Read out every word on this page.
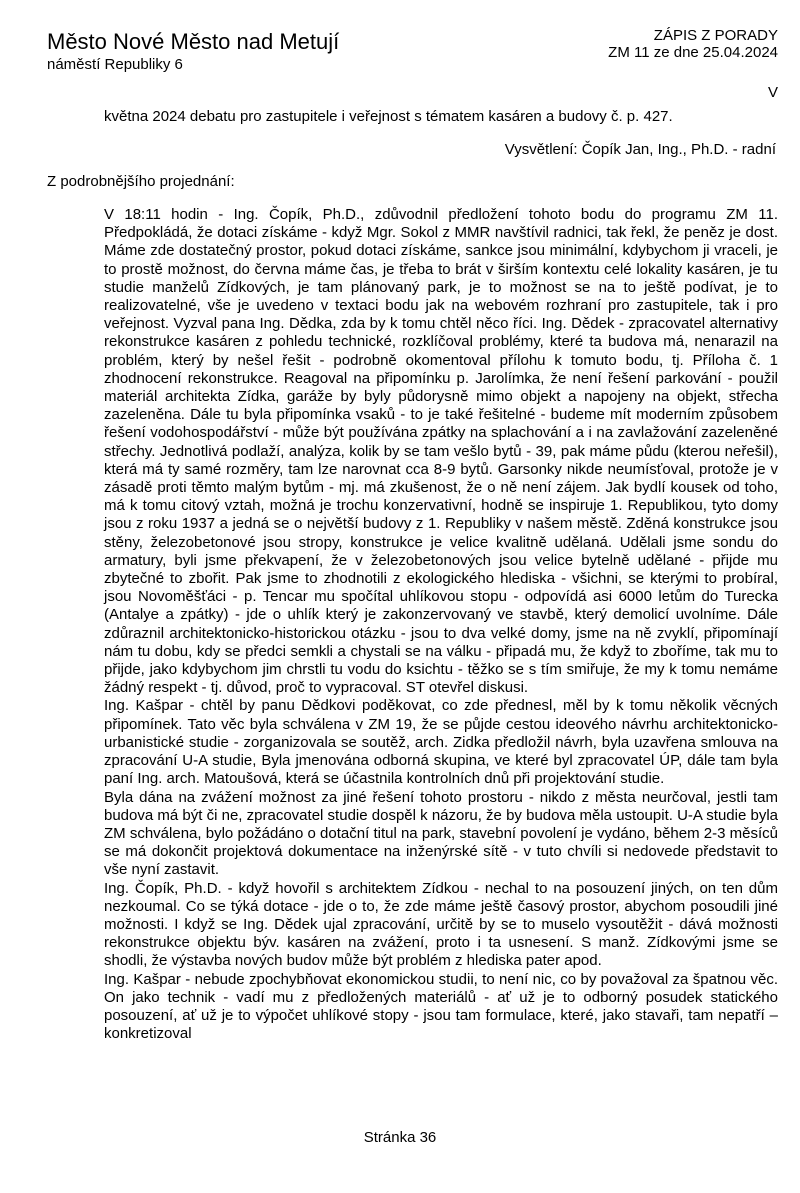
Město Nové Město nad Metují
náměstí Republiky 6
ZÁPIS Z PORADY
ZM 11 ze dne 25.04.2024
V
května 2024 debatu pro zastupitele i veřejnost s tématem kasáren a budovy č. p. 427.
Vysvětlení: Čopík Jan, Ing., Ph.D. - radní
Z podrobnějšího projednání:

V 18:11 hodin - Ing. Čopík, Ph.D., zdůvodnil předložení tohoto bodu do programu ZM 11. Předpokládá, že dotaci získáme - když Mgr. Sokol z MMR navštívil radnici, tak řekl, že peněz je dost. Máme zde dostatečný prostor, pokud dotaci získáme, sankce jsou minimální, kdybychom ji vraceli, je to prostě možnost, do června máme čas, je třeba to brát v širším kontextu celé lokality kasáren, je tu studie manželů Zídkových, je tam plánovaný park, je to možnost se na to ještě podívat, je to realizovatelné, vše je uvedeno v textaci bodu jak na webovém rozhraní pro zastupitele, tak i pro veřejnost. Vyzval pana Ing. Dědka, zda by k tomu chtěl něco říci. Ing. Dědek - zpracovatel alternativy rekonstrukce kasáren z pohledu technické, rozklíčoval problémy, které ta budova má, nenarazil na problém, který by nešel řešit - podrobně okomentoval přílohu k tomuto bodu, tj. Příloha č. 1 zhodnocení rekonstrukce. Reagoval na připomínku p. Jarolímka, že není řešení parkování - použil materiál architekta Zídka, garáže by byly půdorysně mimo objekt a napojeny na objekt, střecha zazeleněna. Dále tu byla připomínka vsaků - to je také řešitelné - budeme mít moderním způsobem řešení vodohospodářství - může být používána zpátky na splachování a i na zavlažování zazeleněné střechy. Jednotlivá podlaží, analýza, kolik by se tam vešlo bytů - 39, pak máme půdu (kterou neřešil), která má ty samé rozměry, tam lze narovnat cca 8-9 bytů. Garsonky nikde neumísťoval, protože je v zásadě proti těmto malým bytům - mj. má zkušenost, že o ně není zájem. Jak bydlí kousek od toho, má k tomu citový vztah, možná je trochu konzervativní, hodně se inspiruje 1. Republikou, tyto domy jsou z roku 1937 a jedná se o největší budovy z 1. Republiky v našem městě. Zděná konstrukce jsou stěny, železobetonové jsou stropy, konstrukce je velice kvalitně udělaná. Udělali jsme sondu do armatury, byli jsme překvapení, že v železobetonových jsou velice bytelně udělané - přijde mu zbytečné to zbořit. Pak jsme to zhodnotili z ekologického hlediska - všichni, se kterými to probíral, jsou Novoměšťáci - p. Tencar mu spočítal uhlíkovou stopu - odpovídá asi 6000 letům do Turecka (Antalye a zpátky) - jde o uhlík který je zakonzervovaný ve stavbě, který demolicí uvolníme. Dále zdůraznil architektonicko-historickou otázku - jsou to dva velké domy, jsme na ně zvyklí, připomínají nám tu dobu, kdy se předci semkli a chystali se na válku - připadá mu, že když to zboříme, tak mu to přijde, jako kdybychom jim chrstli tu vodu do ksichtu - těžko se s tím smiřuje, že my k tomu nemáme žádný respekt - tj. důvod, proč to vypracoval. ST otevřel diskusi.

Ing. Kašpar - chtěl by panu Dědkovi poděkovat, co zde přednesl, měl by k tomu několik věcných připomínek. Tato věc byla schválena v ZM 19, že se půjde cestou ideového návrhu architektonicko-urbanistické studie - zorganizovala se soutěž, arch. Zidka předložil návrh, byla uzavřena smlouva na zpracování U-A studie, Byla jmenována odborná skupina, ve které byl zpracovatel ÚP, dále tam byla paní Ing. arch. Matoušová, která se účastnila kontrolních dnů při projektování studie.

Byla dána na zvážení možnost za jiné řešení tohoto prostoru - nikdo z města neurčoval, jestli tam budova má být či ne, zpracovatel studie dospěl k názoru, že by budova měla ustoupit. U-A studie byla ZM schválena, bylo požádáno o dotační titul na park, stavební povolení je vydáno, během 2-3 měsíců se má dokončit projektová dokumentace na inženýrské sítě - v tuto chvíli si nedovede představit to vše nyní zastavit.

Ing. Čopík, Ph.D. - když hovořil s architektem Zídkou - nechal to na posouzení jiných, on ten dům nezkoumal. Co se týká dotace - jde o to, že zde máme ještě časový prostor, abychom posoudili jiné možnosti. I když se Ing. Dědek ujal zpracování, určitě by se to muselo vysoutěžit - dává možnosti rekonstrukce objektu býv. kasáren na zvážení, proto i ta usnesení. S manž. Zídkovými jsme se shodli, že výstavba nových budov může být problém z hlediska pater apod.

Ing. Kašpar - nebude zpochybňovat ekonomickou studii, to není nic, co by považoval za špatnou věc. On jako technik - vadí mu z předložených materiálů - ať už je to odborný posudek statického posouzení, ať už je to výpočet uhlíkové stopy - jsou tam formulace, které, jako stavaři, tam nepatří – konkretizoval

Stránka 36
